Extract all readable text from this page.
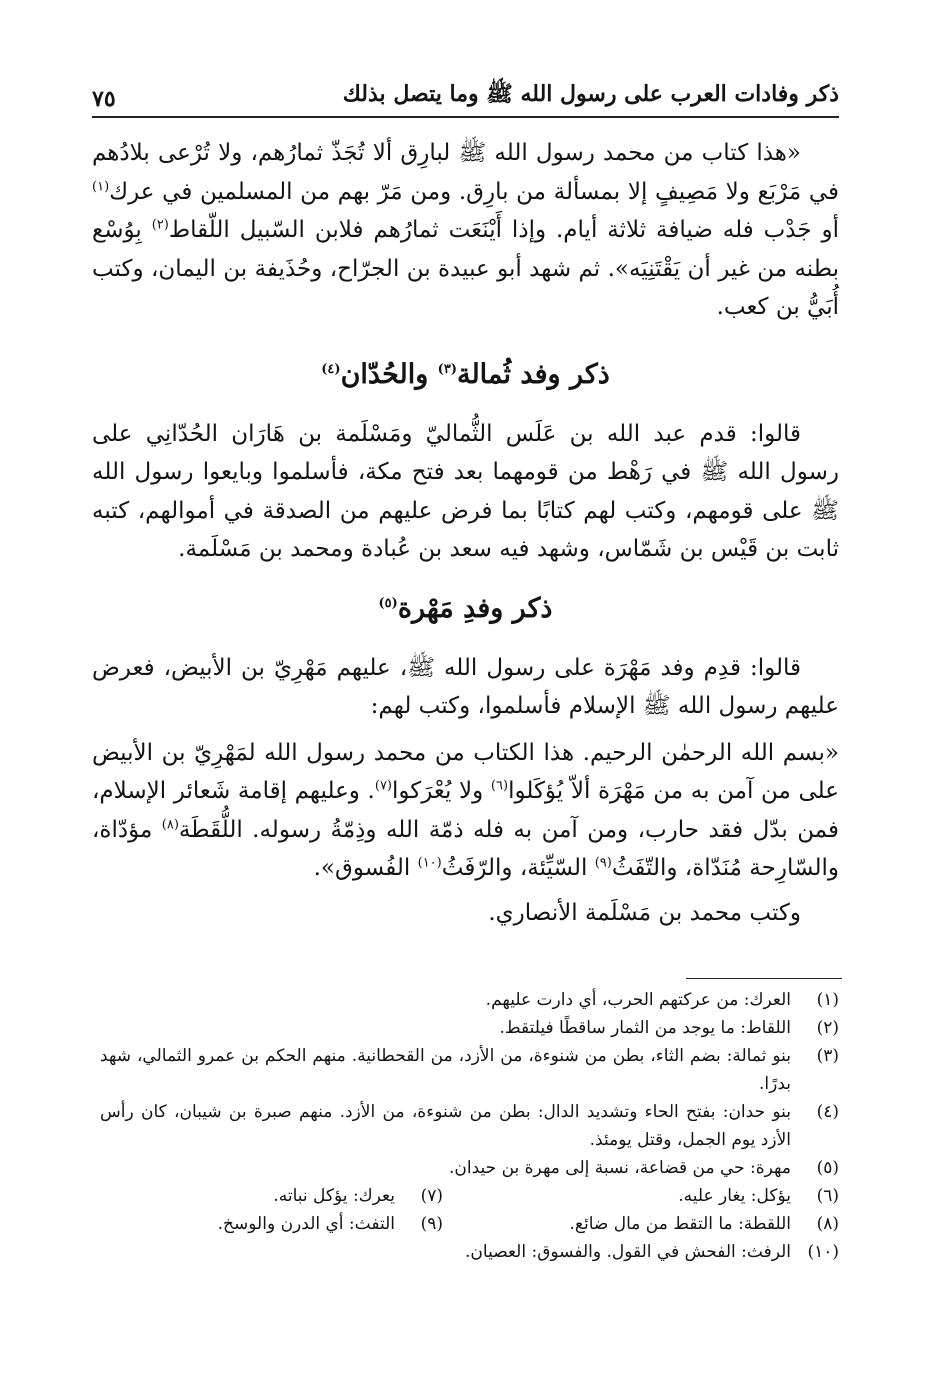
ذكر وفادات العرب على رسول الله ﷺ وما يتصل بذلك
٧٥

«هذا كتاب من محمد رسول الله ﷺ لبارِق ألا تُجَذّ ثمارُهم، ولا تُرْعى بلادُهم في مَرْبَع ولا مَصِيفٍ إلا بمسألة من بارِق. ومن مَرّ بهم من المسلمين في عرك$^{(١)}$ أو جَدْب فله ضيافة ثلاثة أيام. وإذا أَيْنَعَت ثمارُهم فلابن السّبيل اللّقاط$^{(٢)}$ بِوُسْع بطنه من غير أن يَقْتَنِيَه». ثم شهد أبو عبيدة بن الجرّاح، وحُذَيفة بن اليمان، وكتب أُبَيُّ بن كعب.

ذكر وفد ثُمالة$^{(٣)}$ والحُدّان$^{(٤)}$

قالوا: قدم عبد الله بن عَلَس الثُّماليّ ومَسْلَمة بن هَارَان الحُدّانِي على رسول الله ﷺ في رَهْط من قومهما بعد فتح مكة، فأسلموا وبايعوا رسول الله ﷺ على قومهم، وكتب لهم كتابًا بما فرض عليهم من الصدقة في أموالهم، كتبه ثابت بن قَيْس بن شَمّاس، وشهد فيه سعد بن عُبادة ومحمد بن مَسْلَمة.

ذكر وفدِ مَهْرة$^{(٥)}$

قالوا: قدِم وفد مَهْرَة على رسول الله ﷺ، عليهم مَهْرِيّ بن الأبيض، فعرض عليهم رسول الله ﷺ الإسلام فأسلموا، وكتب لهم:

«بسم الله الرحمٰن الرحيم. هذا الكتاب من محمد رسول الله لمَهْرِيّ بن الأبيض على من آمن به من مَهْرَة ألاّ يُؤكَلوا$^{(٦)}$ ولا يُعْرَكوا$^{(٧)}$. وعليهم إقامة شَعائر الإسلام، فمن بدّل فقد حارب، ومن آمن به فله ذمّة الله وذِمّةُ رسوله. اللُّقَطَة$^{(٨)}$ مؤدّاة، والسّارِحة مُنَدّاة، والتّفَثُ$^{(٩)}$ السّيِّئة، والرّفَثُ$^{(١٠)}$ الفُسوق».

وكتب محمد بن مَسْلَمة الأنصاري.

(١)
العرك: من عركتهم الحرب، أي دارت عليهم.
(٢)
اللقاط: ما يوجد من الثمار ساقطًا فيلتقط.
(٣)
بنو ثمالة: بضم الثاء، بطن من شنوءة، من الأزد، من القحطانية. منهم الحكم بن عمرو الثمالي، شهد بدرًا.
(٤)
بنو حدان: بفتح الحاء وتشديد الدال: بطن من شنوءة، من الأزد. منهم صبرة بن شيبان، كان رأس الأزد يوم الجمل، وقتل يومئذ.
(٥)
مهرة: حي من قضاعة، نسبة إلى مهرة بن حيدان.
(٦)
يؤكل: يغار عليه.
(٧)
يعرك: يؤكل نباته.
(٨)
اللقطة: ما التقط من مال ضائع.
(٩)
التفث: أي الدرن والوسخ.
(١٠)
الرفث: الفحش في القول. والفسوق: العصيان.
